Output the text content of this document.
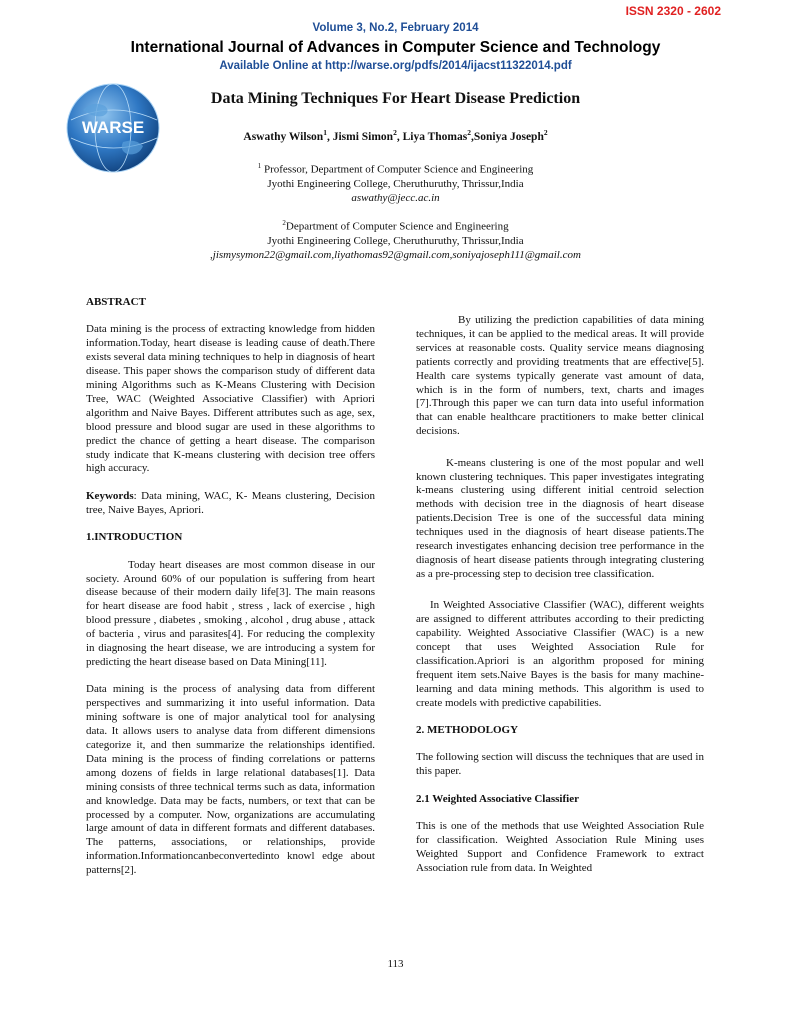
ISSN 2320 - 2602
Volume 3, No.2, February 2014
International Journal of Advances in Computer Science and Technology
Available Online at http://warse.org/pdfs/2014/ijacst11322014.pdf
WARSE
Data Mining Techniques For Heart Disease Prediction
Aswathy Wilson$^1$, Jismi Simon$^2$, Liya Thomas$^2$,Soniya Joseph$^2$
$^1$ Professor, Department of Computer Science and Engineering
Jyothi Engineering College, Cheruthuruthy, Thrissur,India
aswathy@jecc.ac.in
$^2$Department of Computer Science and Engineering
Jyothi Engineering College, Cheruthuruthy, Thrissur,India
,jismysymon22@gmail.com,liyathomas92@gmail.com,soniyajoseph111@gmail.com

ABSTRACT

Data mining is the process of extracting knowledge from hidden information.Today, heart disease is leading cause of death.There exists several data mining techniques to help in diagnosis of heart disease. This paper shows the comparison study of different data mining Algorithms such as K-Means Clustering with Decision Tree, WAC (Weighted Associative Classifier) with Apriori algorithm and Naive Bayes. Different attributes such as age, sex, blood pressure and blood sugar are used in these algorithms to predict the chance of getting a heart disease. The comparison study indicate that K-means clustering with decision tree offers high accuracy.

Keywords: Data mining, WAC, K- Means clustering, Decision tree, Naive Bayes, Apriori.

1.INTRODUCTION

Today heart diseases are most common disease in our society. Around 60% of our population is suffering from heart disease because of their modern daily life[3]. The main reasons for heart disease are food habit , stress , lack of exercise , high blood pressure , diabetes , smoking , alcohol , drug abuse , attack of bacteria , virus and parasites[4]. For reducing the complexity in diagnosing the heart disease, we are introducing a system for predicting the heart disease based on Data Mining[11].

Data mining is the process of analysing data from different perspectives and summarizing it into useful information. Data mining software is one of major analytical tool for analysing data. It allows users to analyse data from different dimensions categorize it, and then summarize the relationships identified. Data mining is the process of finding correlations or patterns among dozens of fields in large relational databases[1]. Data mining consists of three technical terms such as data, information and knowledge. Data may be facts, numbers, or text that can be processed by a computer. Now, organizations are accumulating large amount of data in different formats and different databases. The patterns, associations, or relationships, provide information.Informationcanbeconvertedinto knowl edge about patterns[2].

By utilizing the prediction capabilities of data mining techniques, it can be applied to the medical areas. It will provide services at reasonable costs. Quality service means diagnosing patients correctly and providing treatments that are effective[5]. Health care systems typically generate vast amount of data, which is in the form of numbers, text, charts and images [7].Through this paper we can turn data into useful information that can enable healthcare practitioners to make better clinical decisions.

K-means clustering is one of the most popular and well known clustering techniques. This paper investigates integrating k-means clustering using different initial centroid selection methods with decision tree in the diagnosis of heart disease patients.Decision Tree is one of the successful data mining techniques used in the diagnosis of heart disease patients.The research investigates enhancing decision tree performance in the diagnosis of heart disease patients through integrating clustering as a pre-processing step to decision tree classification.

In Weighted Associative Classifier (WAC), different weights are assigned to different attributes according to their predicting capability. Weighted Associative Classifier (WAC) is a new concept that uses Weighted Association Rule for classification.Apriori is an algorithm proposed for mining frequent item sets.Naive Bayes is the basis for many machine-learning and data mining methods. This algorithm is used to create models with predictive capabilities.

2. METHODOLOGY

The following section will discuss the techniques that are used in this paper.

2.1 Weighted Associative Classifier

This is one of the methods that use Weighted Association Rule for classification. Weighted Association Rule Mining uses Weighted Support and Confidence Framework to extract Association rule from data. In Weighted

113
